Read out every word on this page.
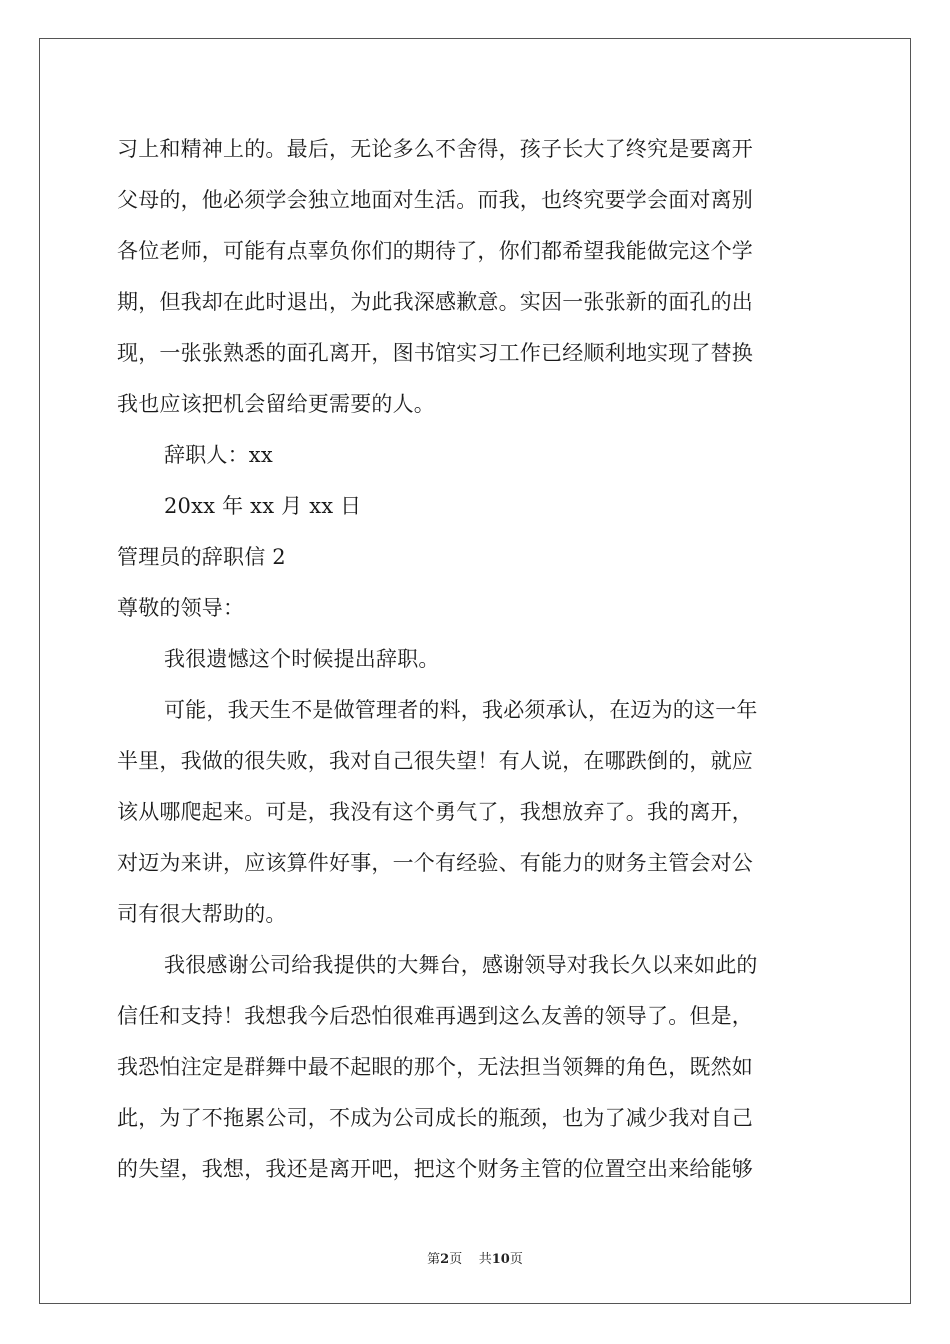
习上和精神上的。最后，无论多么不舍得，孩子长大了终究是要离开
父母的，他必须学会独立地面对生活。而我，也终究要学会面对离别
各位老师，可能有点辜负你们的期待了，你们都希望我能做完这个学
期，但我却在此时退出，为此我深感歉意。实因一张张新的面孔的出
现，一张张熟悉的面孔离开，图书馆实习工作已经顺利地实现了替换
我也应该把机会留给更需要的人。
辞职人：xx
20xx 年 xx 月 xx 日
管理员的辞职信 2
尊敬的领导：
我很遗憾这个时候提出辞职。
可能，我天生不是做管理者的料，我必须承认，在迈为的这一年
半里，我做的很失败，我对自己很失望！有人说，在哪跌倒的，就应
该从哪爬起来。可是，我没有这个勇气了，我想放弃了。我的离开，
对迈为来讲，应该算件好事，一个有经验、有能力的财务主管会对公
司有很大帮助的。
我很感谢公司给我提供的大舞台，感谢领导对我长久以来如此的
信任和支持！我想我今后恐怕很难再遇到这么友善的领导了。但是，
我恐怕注定是群舞中最不起眼的那个，无法担当领舞的角色，既然如
此，为了不拖累公司，不成为公司成长的瓶颈，也为了减少我对自己
的失望，我想，我还是离开吧，把这个财务主管的位置空出来给能够
第2页 共10页
